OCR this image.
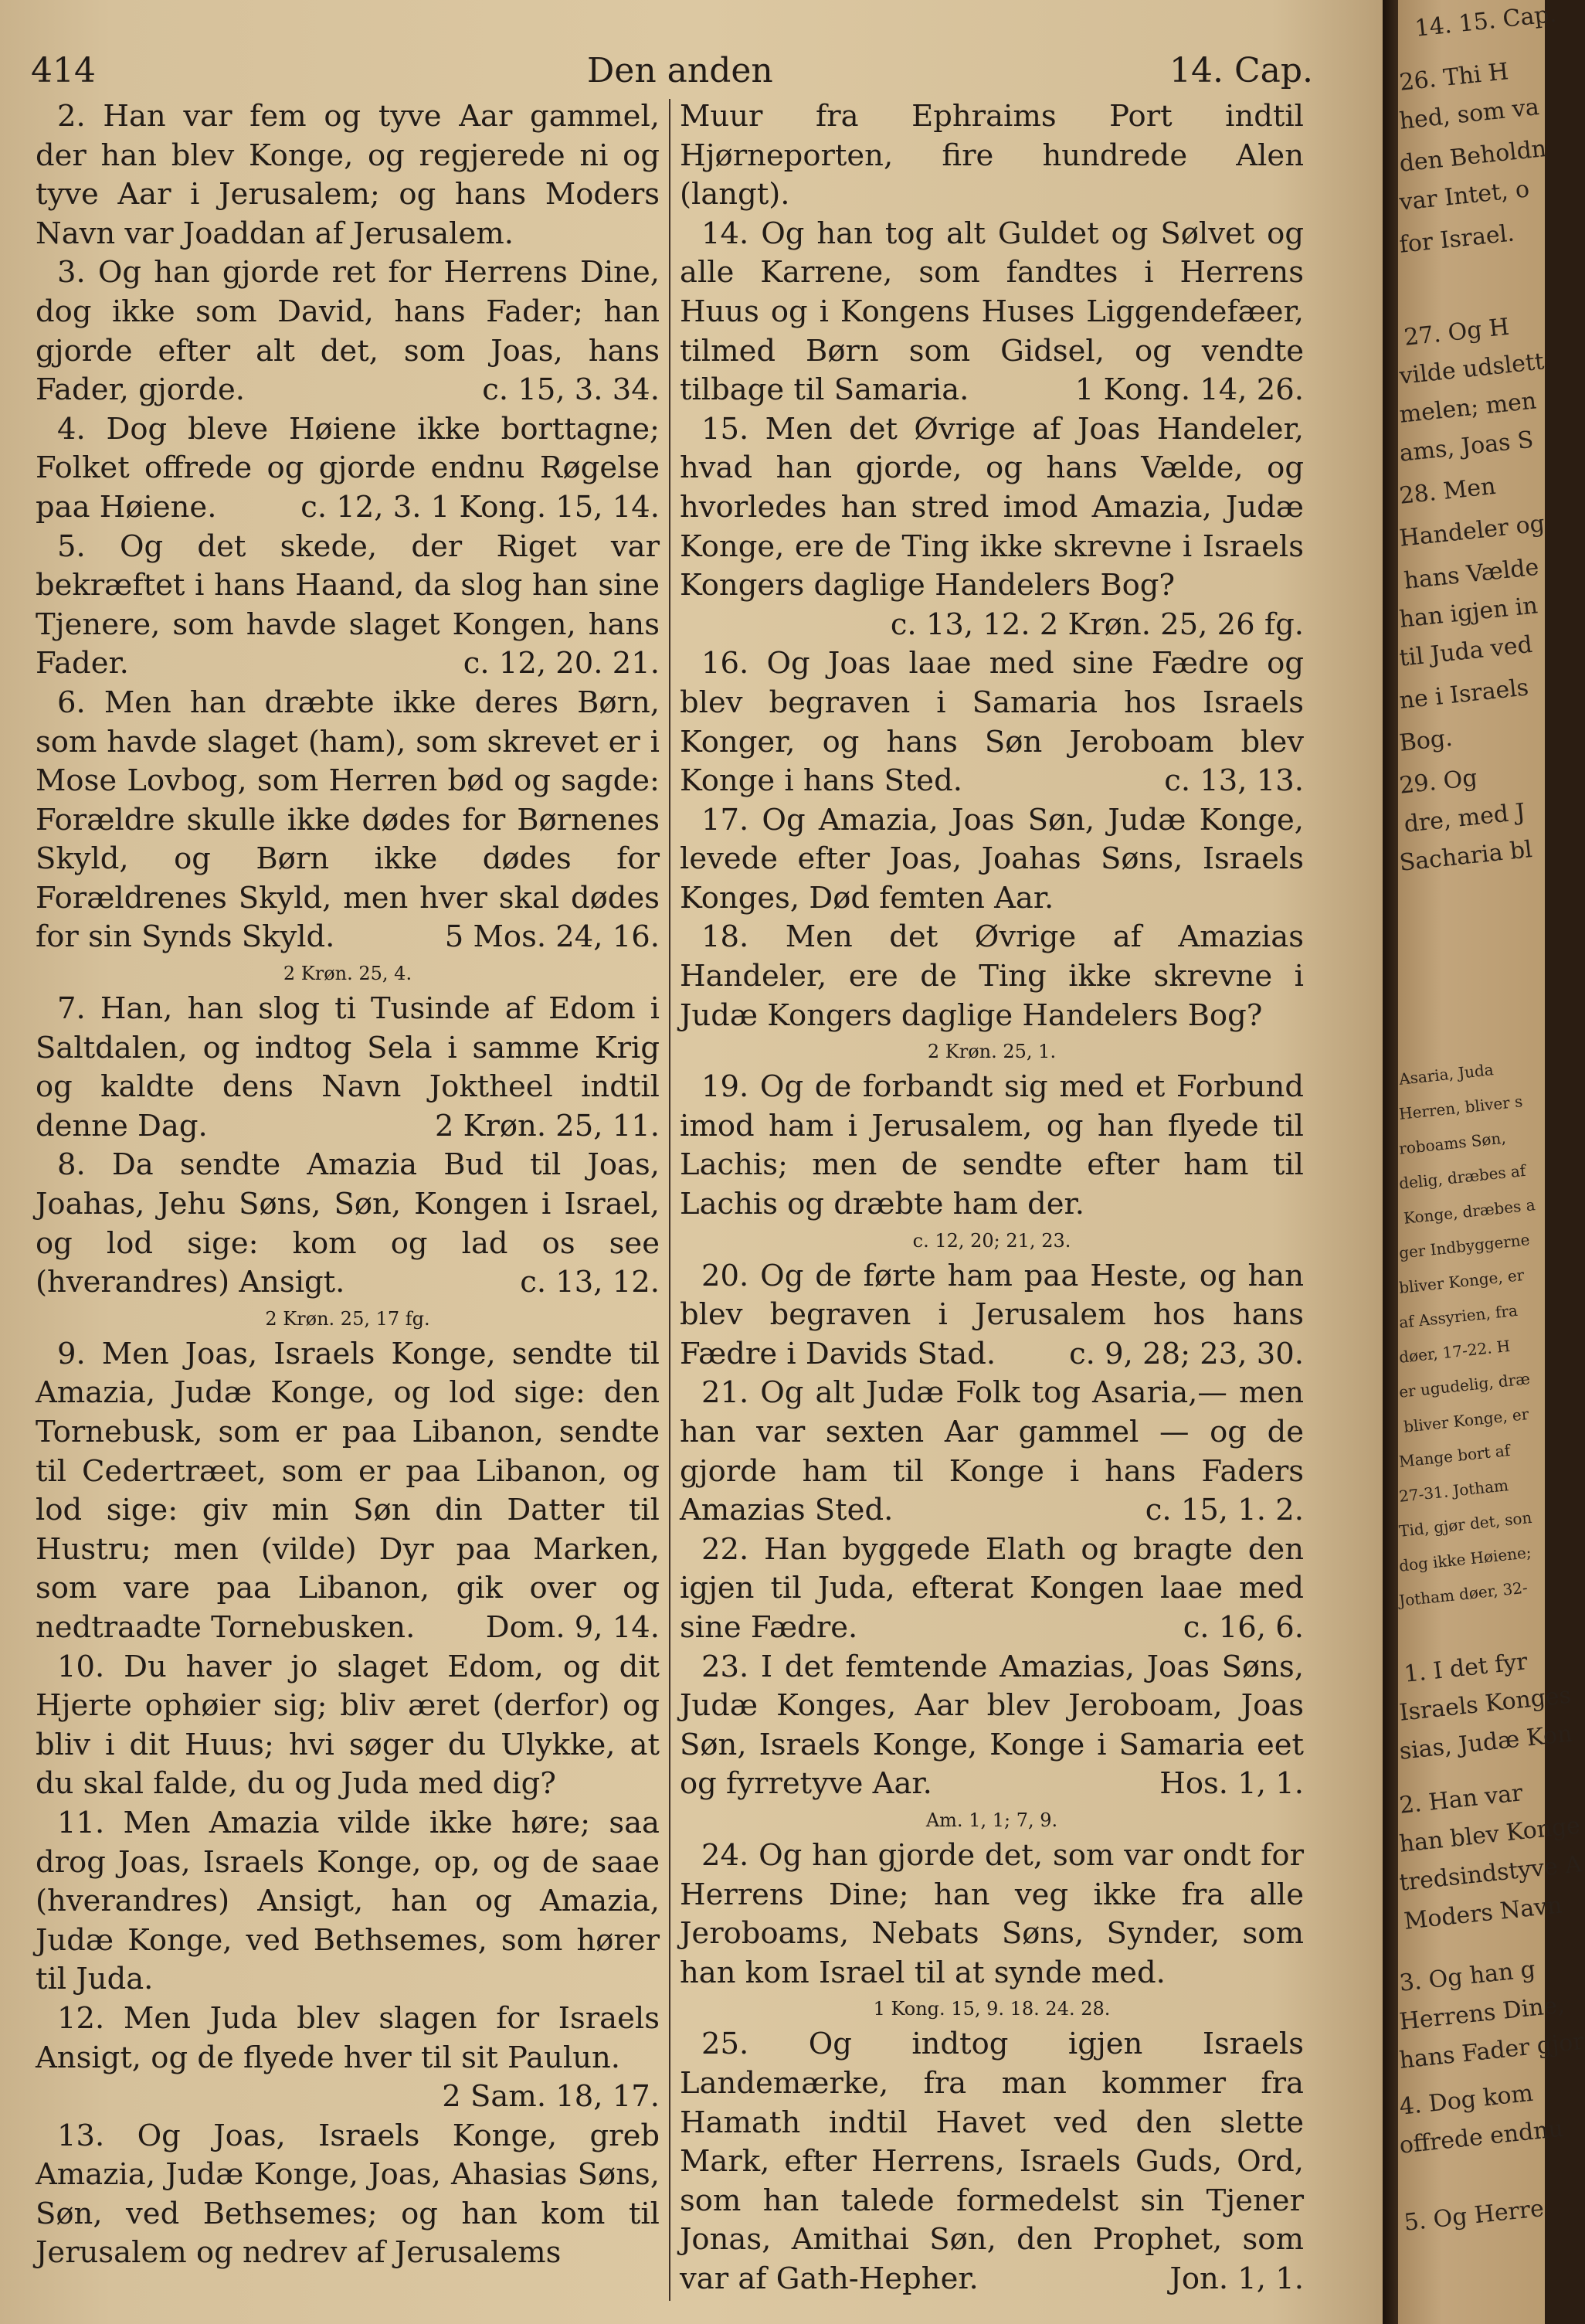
414	Den anden	14. Cap.

2. Han var fem og tyve Aar gammel, der han blev Konge, og regjerede ni og tyve Aar i Jerusalem; og hans Moders Navn var Joaddan af Jerusalem.

3. Og han gjorde ret for Herrens Dine, dog ikke som David, hans Fader; han gjorde efter alt det, som Joas, hans Fader, gjorde.	c. 15, 3. 34.

4. Dog bleve Høiene ikke borttagne; Folket offrede og gjorde endnu Røgelse paa Høiene.	c. 12, 3. 1 Kong. 15, 14.

5. Og det skede, der Riget var bekræftet i hans Haand, da slog han sine Tjenere, som havde slaget Kongen, hans Fader.	c. 12, 20. 21.

6. Men han dræbte ikke deres Børn, som havde slaget (ham), som skrevet er i Mose Lovbog, som Herren bød og sagde: Forældre skulle ikke dødes for Børnenes Skyld, og Børn ikke dødes for Forældrenes Skyld, men hver skal dødes for sin Synds Skyld.	5 Mos. 24, 16.

2 Krøn. 25, 4.

7. Han, han slog ti Tusinde af Edom i Saltdalen, og indtog Sela i samme Krig og kaldte dens Navn Joktheel indtil denne Dag.	2 Krøn. 25, 11.

8. Da sendte Amazia Bud til Joas, Joahas, Jehu Søns, Søn, Kongen i Israel, og lod sige: kom og lad os see (hverandres) Ansigt.	c. 13, 12.

2 Krøn. 25, 17 fg.

9. Men Joas, Israels Konge, sendte til Amazia, Judæ Konge, og lod sige: den Tornebusk, som er paa Libanon, sendte til Cedertræet, som er paa Libanon, og lod sige: giv min Søn din Datter til Hustru; men (vilde) Dyr paa Marken, som vare paa Libanon, gik over og nedtraadte Tornebusken.	Dom. 9, 14.

10. Du haver jo slaget Edom, og dit Hjerte ophøier sig; bliv æret (derfor) og bliv i dit Huus; hvi søger du Ulykke, at du skal falde, du og Juda med dig?

11. Men Amazia vilde ikke høre; saa drog Joas, Israels Konge, op, og de saae (hverandres) Ansigt, han og Amazia, Judæ Konge, ved Bethsemes, som hører til Juda.

12. Men Juda blev slagen for Israels Ansigt, og de flyede hver til sit Paulun.
2 Sam. 18, 17.

13. Og Joas, Israels Konge, greb Amazia, Judæ Konge, Joas, Ahasias Søns, Søn, ved Bethsemes; og han kom til Jerusalem og nedrev af Jerusalems

Muur fra Ephraims Port indtil Hjørneporten, fire hundrede Alen (langt).

14. Og han tog alt Guldet og Sølvet og alle Karrene, som fandtes i Herrens Huus og i Kongens Huses Liggendefæer, tilmed Børn som Gidsel, og vendte tilbage til Samaria.	1 Kong. 14, 26.

15. Men det Øvrige af Joas Handeler, hvad han gjorde, og hans Vælde, og hvorledes han stred imod Amazia, Judæ Konge, ere de Ting ikke skrevne i Israels Kongers daglige Handelers Bog?
c. 13, 12. 2 Krøn. 25, 26 fg.

16. Og Joas laae med sine Fædre og blev begraven i Samaria hos Israels Konger, og hans Søn Jeroboam blev Konge i hans Sted.	c. 13, 13.

17. Og Amazia, Joas Søn, Judæ Konge, levede efter Joas, Joahas Søns, Israels Konges, Død femten Aar.

18. Men det Øvrige af Amazias Handeler, ere de Ting ikke skrevne i Judæ Kongers daglige Handelers Bog?

2 Krøn. 25, 1.

19. Og de forbandt sig med et Forbund imod ham i Jerusalem, og han flyede til Lachis; men de sendte efter ham til Lachis og dræbte ham der.

c. 12, 20; 21, 23.

20. Og de førte ham paa Heste, og han blev begraven i Jerusalem hos hans Fædre i Davids Stad.	c. 9, 28; 23, 30.

21. Og alt Judæ Folk tog Asaria,— men han var sexten Aar gammel — og de gjorde ham til Konge i hans Faders Amazias Sted.	c. 15, 1. 2.

22. Han byggede Elath og bragte den igjen til Juda, efterat Kongen laae med sine Fædre.	c. 16, 6.

23. I det femtende Amazias, Joas Søns, Judæ Konges, Aar blev Jeroboam, Joas Søn, Israels Konge, Konge i Samaria eet og fyrretyve Aar.	Hos. 1, 1.

Am. 1, 1; 7, 9.

24. Og han gjorde det, som var ondt for Herrens Dine; han veg ikke fra alle Jeroboams, Nebats Søns, Synder, som han kom Israel til at synde med.

1 Kong. 15, 9. 18. 24. 28.

25. Og indtog igjen Israels Landemærke, fra man kommer fra Hamath indtil Havet ved den slette Mark, efter Herrens, Israels Guds, Ord, som han talede formedelst sin Tjener Jonas, Amithai Søn, den Prophet, som var af Gath-Hepher.	Jon. 1, 1.

14. 15. Cap.
26. Thi H
hed, som va
den Beholdn
var Intet, o
for Israel.
27. Og H
vilde udslett
melen; men
ams, Joas S
28. Men
Handeler og
hans Vælde
han igjen in
til Juda ved
ne i Israels
Bog.
29. Og
dre, med J
Sacharia bl
Asaria, Juda
Herren, bliver s
roboams Søn,
delig, dræbes af
Konge, dræbes a
ger Indbyggerne
bliver Konge, er
af Assyrien, fra
døer, 17-22. H
er ugudelig, dræ
bliver Konge, er
Mange bort af
27-31. Jotham
Tid, gjør det, son
dog ikke Høiene;
Jotham døer, 32-
1. I det fyr
Israels Konges
sias, Judæ Kon
2. Han var
han blev Konge
tredsindstyve A
Moders Navn
3. Og han g
Herrens Dine,
hans Fader gjor
4. Dog kom
offrede endnu
5. Og Herre
